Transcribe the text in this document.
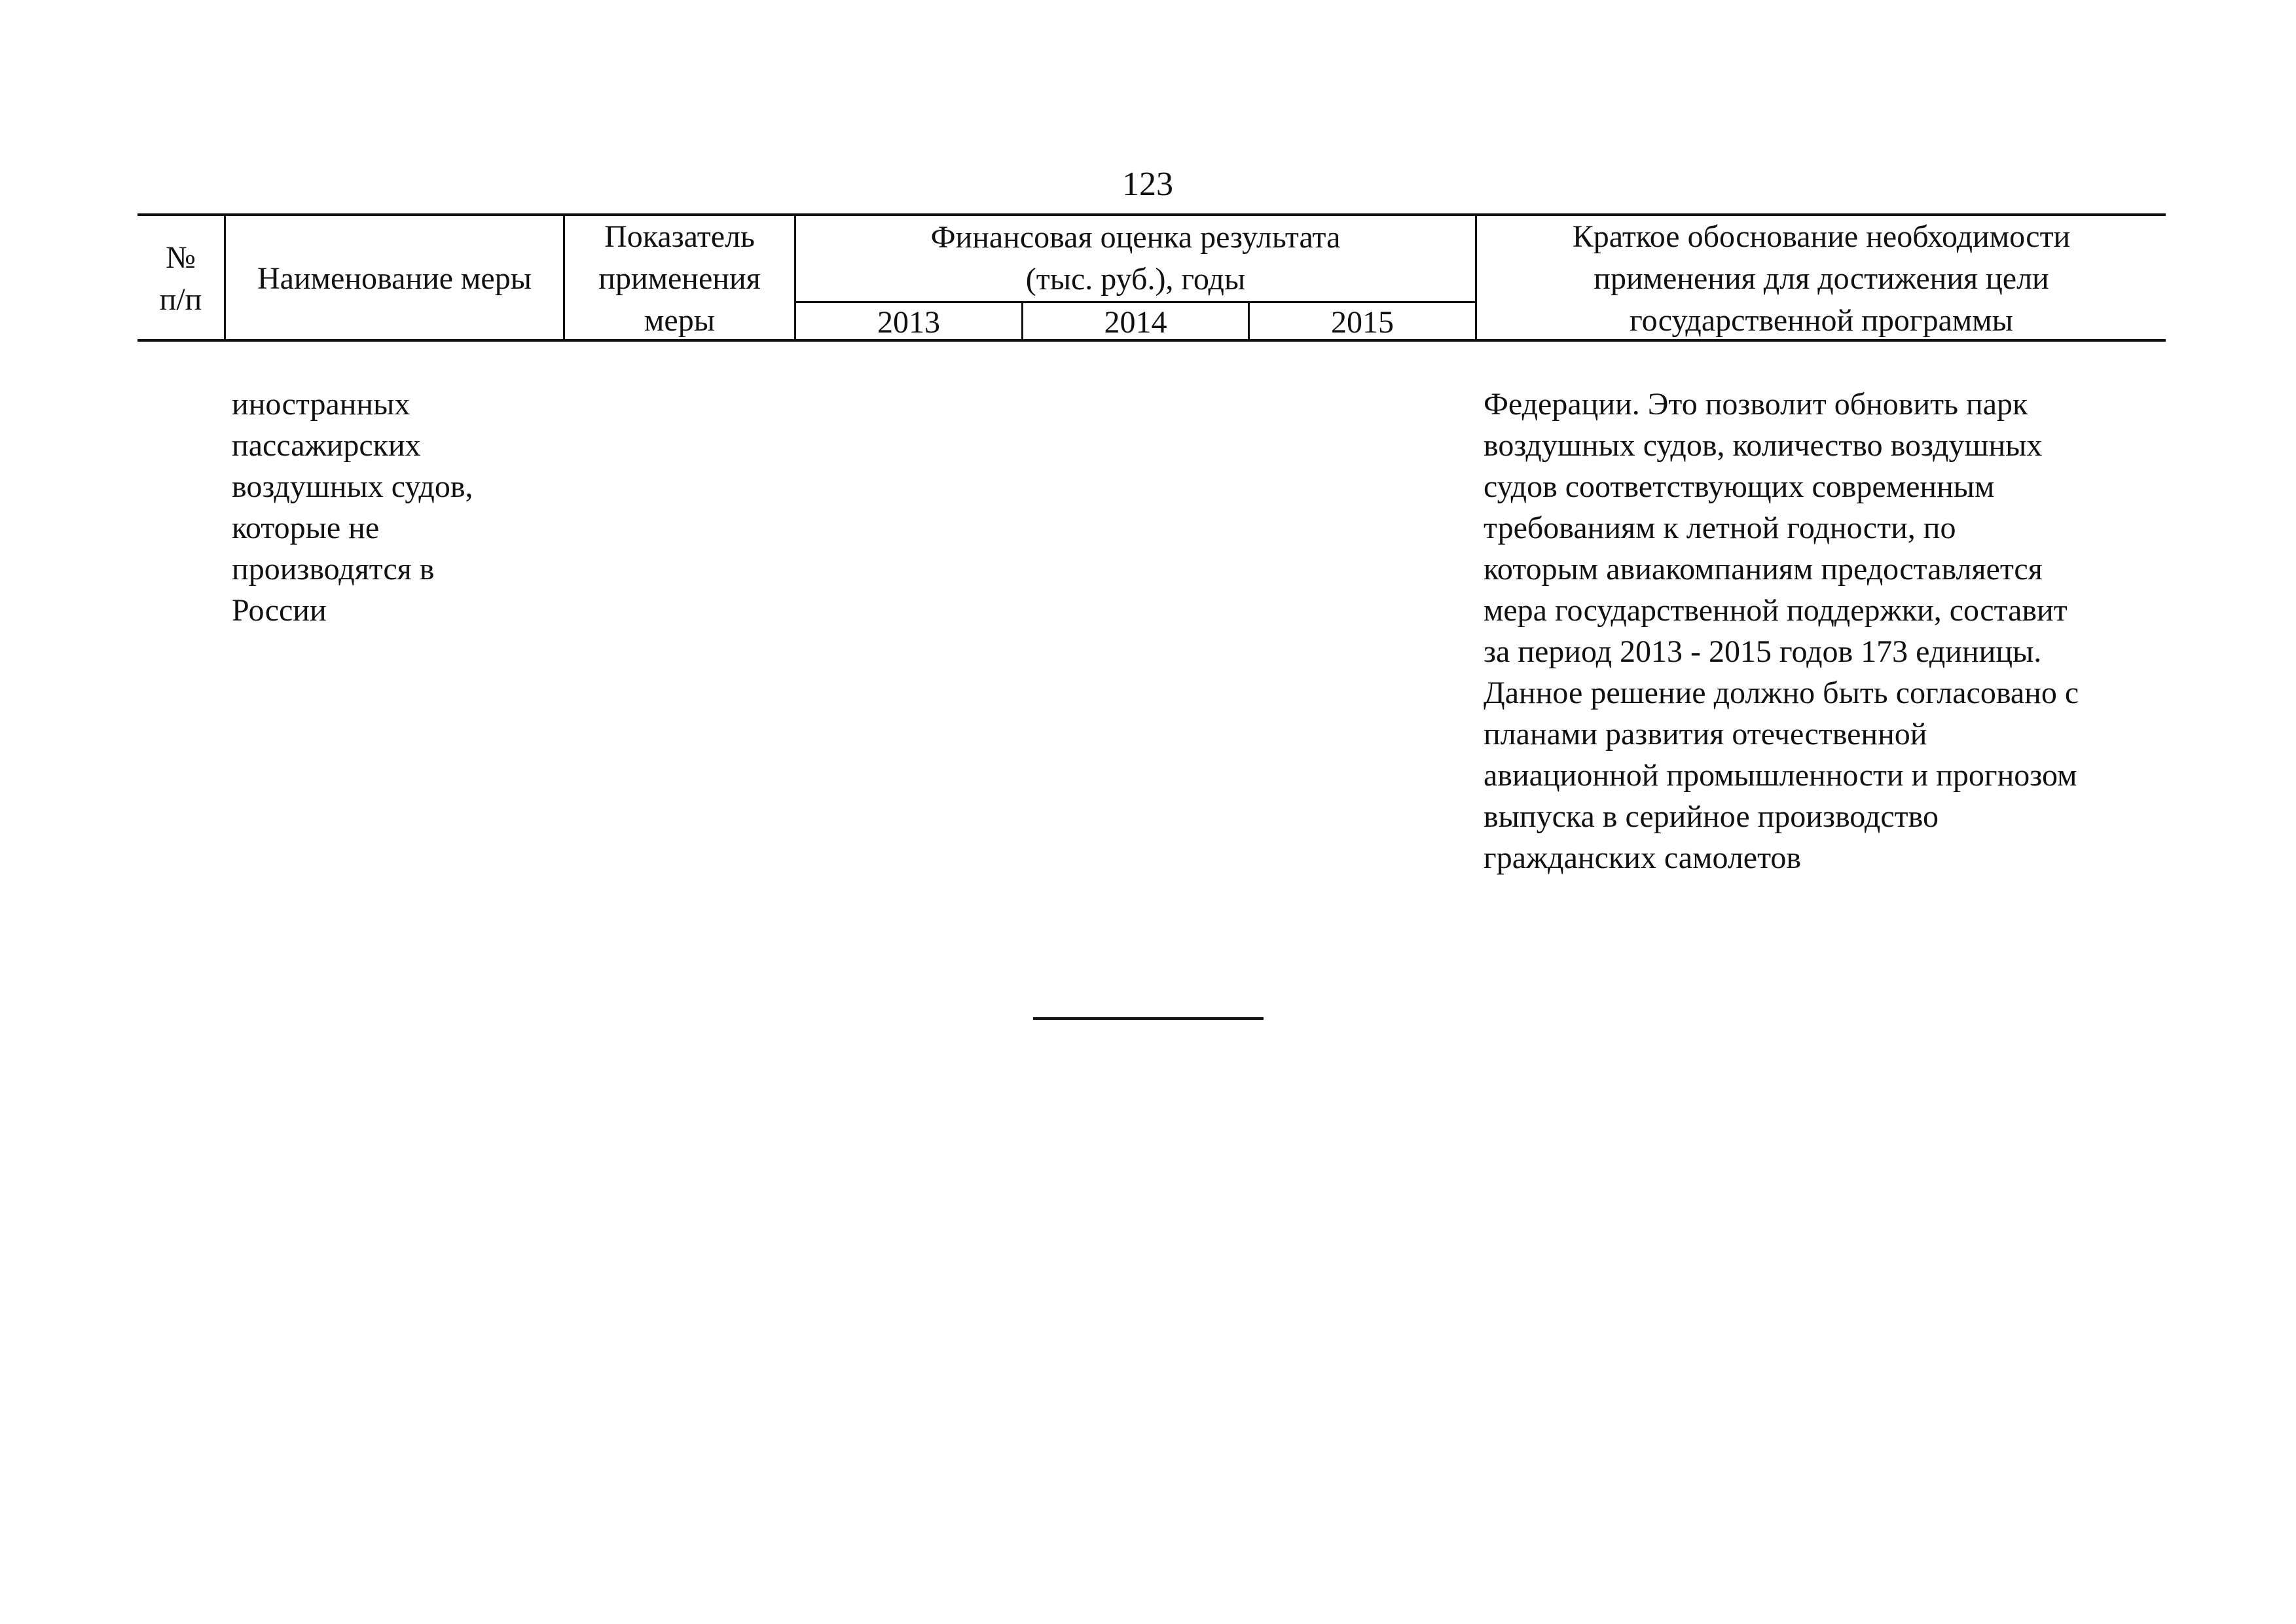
123
№
п/п
Наименование меры
Показатель
применения
меры
Финансовая оценка результата
(тыс. руб.), годы
2013	2014	2015
Краткое обоснование необходимости
применения для достижения цели
государственной программы
иностранных
пассажирских
воздушных судов,
которые не
производятся в
России
Федерации. Это позволит обновить парк
воздушных судов, количество воздушных
судов соответствующих современным
требованиям к летной годности, по
которым авиакомпаниям предоставляется
мера государственной поддержки, составит
за период 2013 - 2015 годов 173 единицы.
Данное решение должно быть согласовано с
планами развития отечественной
авиационной промышленности и прогнозом
выпуска в серийное производство
гражданских самолетов
